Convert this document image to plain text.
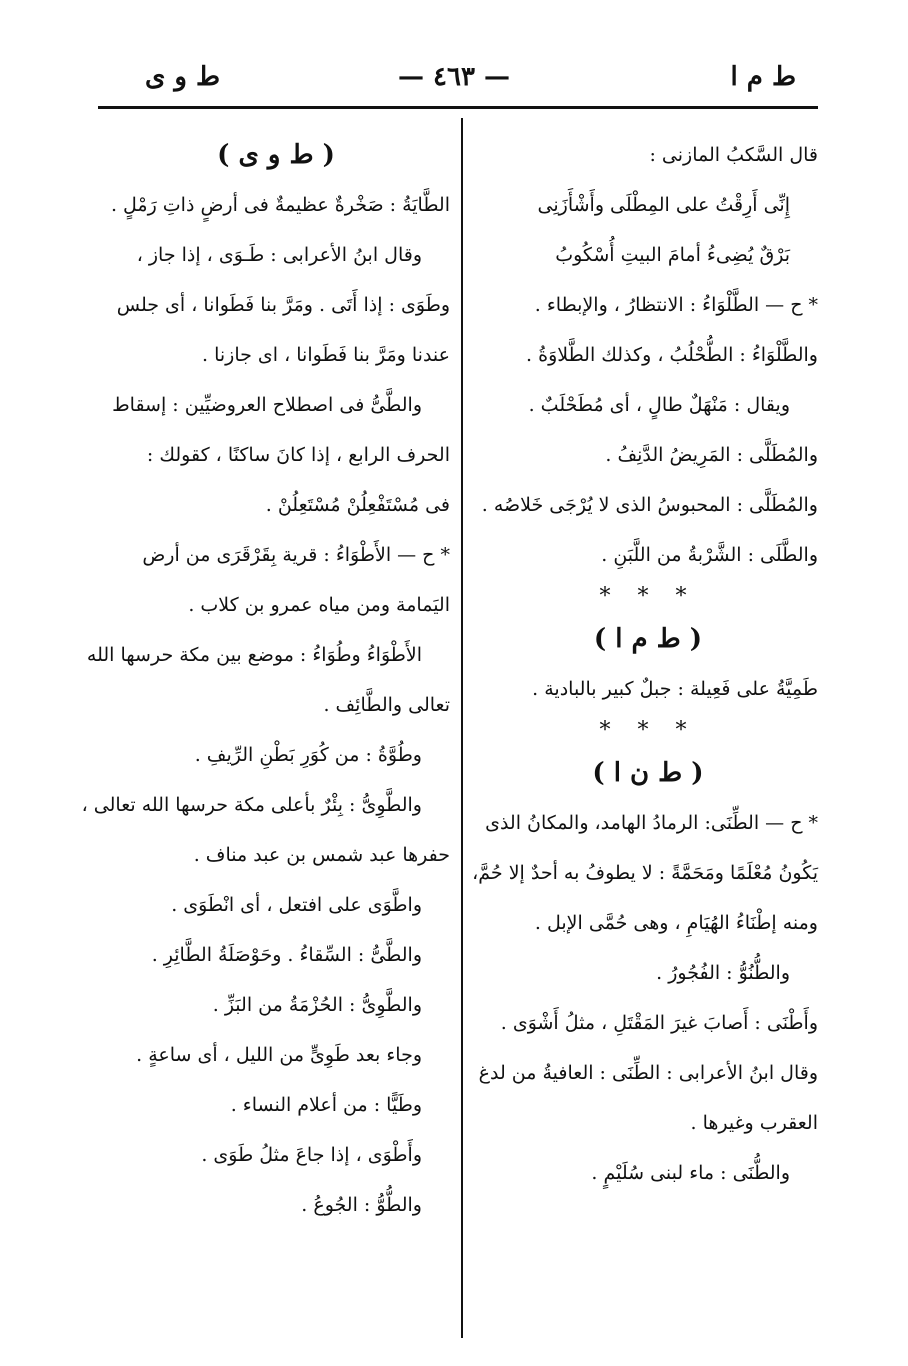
ط م ا
— ٤٦٣ —
ط و ى
قال السَّكبُ المازنى :
إِنِّى أَرِقْتُ على المِطْلَى وأَشْأَزَنِى
بَرْقٌ يُضِىءُ أمامَ البيتِ أُسْكُوبُ
* ح — الطَّلْوَاءُ : الانتظارُ ، والإبطاء .
والطَّلْوَاءُ : الطُّحْلُبُ ، وكذلك الطَّلاوَةُ .
ويقال : مَنْهَلٌ طالٍ ، أى مُطَحْلَبٌ .
والمُطَلَّى : المَرِيضُ الدَّنِفُ .
والمُطَلَّى : المحبوسُ الذى لا يُرْجَى خَلاصُه .
والطَّلَى : الشَّرْبةُ من اللَّبَنِ .
* * *
( ط م ا )
طَمِيَّةُ على فَعِيلة : جبلٌ كبير بالبادية .
* * *
( ط ن ا )
* ح — الطِّنَى: الرمادُ الهامد، والمكانُ الذى
يَكُونُ مُعْلَمًا ومَحَمَّةً : لا يطوفُ به أحدٌ إلا حُمَّ،
ومنه إطْنَاءُ الهُيَامِ ، وهى حُمَّى الإبل .
والطُّنُوُّ : الفُجُورُ .
وأَطْنَى : أَصابَ غيرَ المَقْتَلِ ، مثلُ أَشْوَى .
وقال ابنُ الأعرابى : الطِّنَى : العافيةُ من لدغ
العقرب وغيرها .
والطُّنَى : ماء لبنى سُلَيْمٍ .
( ط و ى )
الطَّايَةُ : صَخْرةٌ عظيمةٌ فى أرضٍ ذاتِ رَمْلٍ .
وقال ابنُ الأعرابى : طَـوَى ، إذا جاز ،
وطَوَى : إذا أَتَى . ومَرَّ بنا فَطَوانا ، أى جلس
عندنا ومَرَّ بنا فَطَوانا ، اى جازنا .
والطَّىُّ فى اصطلاح العروضيِّين : إسقاط
الحرف الرابع ، إذا كانَ ساكنًا ، كقولك :
فى مُسْتَفْعِلُنْ مُسْتَعِلُنْ .
* ح — الأَطْوَاءُ : قرية بِقَرْقَرَى من أرض
اليَمامة ومن مياه عمرو بن كلاب .
الأَطْوَاءُ وطُوَاءُ : موضع بين مكة حرسها الله
تعالى والطَّائِف .
وطُوَّةُ : من كُوَرِ بَطْنِ الرِّيفِ .
والطَّوِىُّ : بِئْرٌ بأعلى مكة حرسها الله تعالى ،
حفرها عبد شمس بن عبد مناف .
واطَّوَى على افتعل ، أى انْطَوَى .
والطَّىُّ : السِّقاءُ . وحَوْصَلَةُ الطَّائِرِ .
والطَّوِىُّ : الحُزْمَةُ من البَزِّ .
وجاء بعد طَوِىٍّ من الليل ، أى ساعةٍ .
وطَيًّا : من أعلام النساء .
وأَطْوَى ، إذا جاعَ مثلُ طَوَى .
والطُّوُّ : الجُوعُ .
